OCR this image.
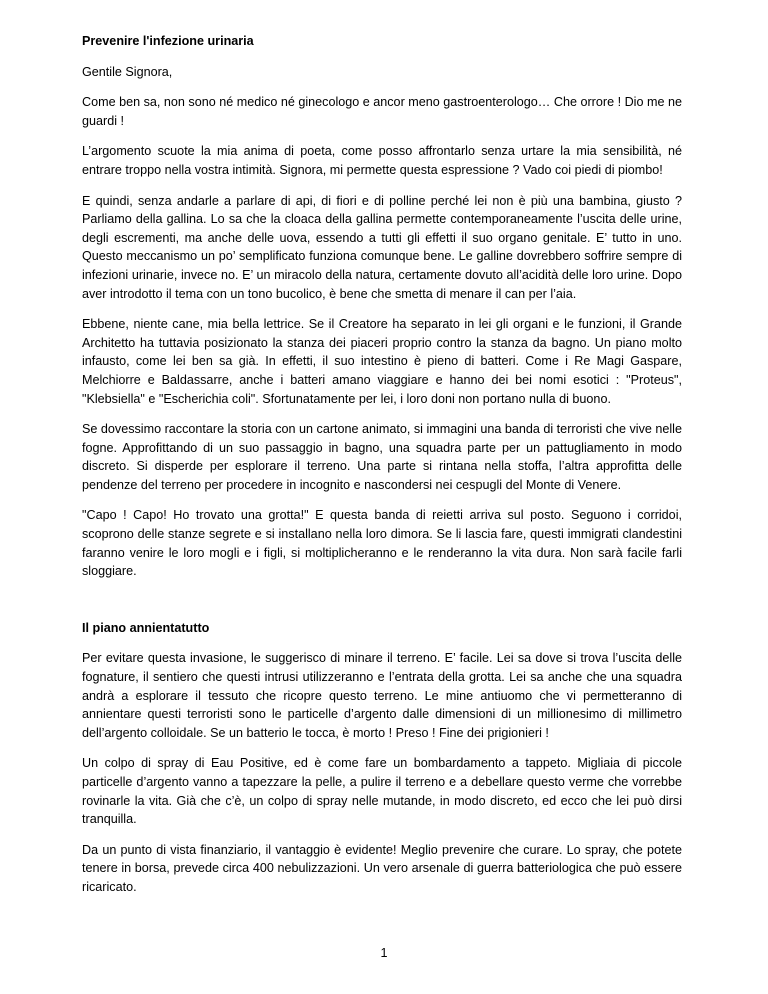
Prevenire l'infezione urinaria

Gentile Signora,

Come ben sa, non sono né medico né ginecologo e ancor meno gastroenterologo… Che orrore ! Dio me ne guardi !

L’argomento scuote la mia anima di poeta, come posso affrontarlo senza urtare la mia sensibilità, né entrare troppo nella vostra intimità. Signora, mi permette questa espressione ? Vado coi piedi di piombo!

E quindi, senza andarle a parlare di api, di fiori e di polline perché lei non è più una bambina, giusto ? Parliamo della gallina. Lo sa che la cloaca della gallina permette contemporaneamente l’uscita delle urine, degli escrementi, ma anche delle uova, essendo a tutti gli effetti il suo organo genitale. E’ tutto in uno. Questo meccanismo un po’ semplificato funziona comunque bene. Le galline dovrebbero soffrire sempre di infezioni urinarie, invece no. E’ un miracolo della natura, certamente dovuto all’acidità delle loro urine. Dopo aver introdotto il tema con un tono bucolico, è bene che smetta di menare il can per l’aia.

Ebbene, niente cane, mia bella lettrice. Se il Creatore ha separato in lei gli organi e le funzioni, il Grande Architetto ha tuttavia posizionato la stanza dei piaceri proprio contro la stanza da bagno. Un piano molto infausto, come lei ben sa già. In effetti, il suo intestino è pieno di batteri. Come i Re Magi Gaspare, Melchiorre e Baldassarre, anche i batteri amano viaggiare e hanno dei bei nomi esotici : "Proteus", "Klebsiella" e "Escherichia coli". Sfortunatamente per lei, i loro doni non portano nulla di buono.

Se dovessimo raccontare la storia con un cartone animato, si immagini una banda di terroristi che vive nelle fogne. Approfittando di un suo passaggio in bagno, una squadra parte per un pattugliamento in modo discreto. Si disperde per esplorare il terreno. Una parte si rintana nella stoffa, l’altra approfitta delle pendenze del terreno per procedere in incognito e nascondersi nei cespugli del Monte di Venere.

"Capo ! Capo! Ho trovato una grotta!" E questa banda di reietti arriva sul posto. Seguono i corridoi, scoprono delle stanze segrete e si installano nella loro dimora. Se li lascia fare, questi immigrati clandestini faranno venire le loro mogli e i figli, si moltiplicheranno e le renderanno la vita dura. Non sarà facile farli sloggiare.

Il piano annientatutto

Per evitare questa invasione, le suggerisco di minare il terreno. E’ facile. Lei sa dove si trova l’uscita delle fognature, il sentiero che questi intrusi utilizzeranno e l’entrata della grotta. Lei sa anche che una squadra andrà a esplorare il tessuto che ricopre questo terreno. Le mine antiuomo che vi permetteranno di annientare questi terroristi sono le particelle d’argento dalle dimensioni di un millionesimo di millimetro dell’argento colloidale. Se un batterio le tocca, è morto ! Preso ! Fine dei prigionieri !

Un colpo di spray di Eau Positive, ed è come fare un bombardamento a tappeto. Migliaia di piccole particelle d’argento vanno a tapezzare la pelle, a pulire il terreno e a debellare questo verme che vorrebbe rovinarle la vita. Già che c’è, un colpo di spray nelle mutande, in modo discreto, ed ecco che lei può dirsi tranquilla.

Da un punto di vista finanziario, il vantaggio è evidente! Meglio prevenire che curare. Lo spray, che potete tenere in borsa, prevede circa 400 nebulizzazioni. Un vero arsenale di guerra batteriologica che può essere ricaricato.

1
